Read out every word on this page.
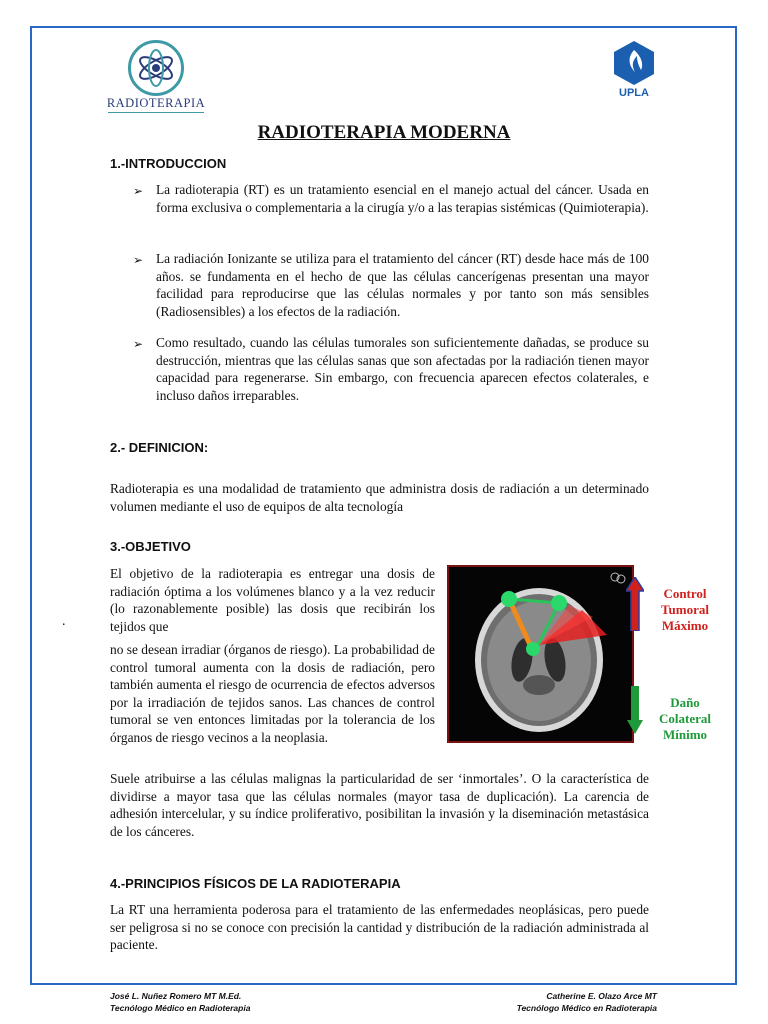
RADIOTERAPIA
UPLA
RADIOTERAPIA MODERNA
1.-INTRODUCCION
➢ La radioterapia (RT) es un tratamiento esencial en el manejo actual del cáncer. Usada en forma exclusiva o complementaria a la cirugía y/o a las terapias sistémicas (Quimioterapia).

➢ La radiación Ionizante se utiliza para el tratamiento del cáncer (RT) desde hace más de 100 años. se fundamenta en el hecho de que las células cancerígenas presentan una mayor facilidad para reproducirse que las células normales y por tanto son más sensibles (Radiosensibles) a los efectos de la radiación.

➢ Como resultado, cuando las células tumorales son suficientemente dañadas, se produce su destrucción, mientras que las células sanas que son afectadas por la radiación tienen mayor capacidad para regenerarse. Sin embargo, con frecuencia aparecen efectos colaterales, e incluso daños irreparables.

2.- DEFINICION:

Radioterapia es una modalidad de tratamiento que administra dosis de radiación a un determinado volumen mediante el uso de equipos de alta tecnología

3.-OBJETIVO

El objetivo de la radioterapia es entregar una dosis de radiación óptima a los volúmenes blanco y a la vez reducir (lo razonablemente posible) las dosis que recibirán los tejidos que

.

no se desean irradiar (órganos de riesgo). La probabilidad de control tumoral aumenta con la dosis de radiación, pero también aumenta el riesgo de ocurrencia de efectos adversos por la irradiación de tejidos sanos. Las chances de control tumoral se ven entonces limitadas por la tolerancia de los órganos de riesgo vecinos a la neoplasia.

Control
Tumoral
Máximo
Daño
Colateral
Mínimo

Suele atribuirse a las células malignas la particularidad de ser ‘inmortales’. O la característica de dividirse a mayor tasa que las células normales (mayor tasa de duplicación). La carencia de adhesión intercelular, y su índice proliferativo, posibilitan la invasión y la diseminación metastásica de los cánceres.

4.-PRINCIPIOS FÍSICOS DE LA RADIOTERAPIA

La RT una herramienta poderosa para el tratamiento de las enfermedades neoplásicas, pero puede ser peligrosa si no se conoce con precisión la cantidad y distribución de la radiación administrada al paciente.

José L. Nuñez Romero MT M.Ed.
Tecnólogo Médico en Radioterapia
Catherine E. Olazo Arce MT
Tecnólogo Médico en Radioterapia
